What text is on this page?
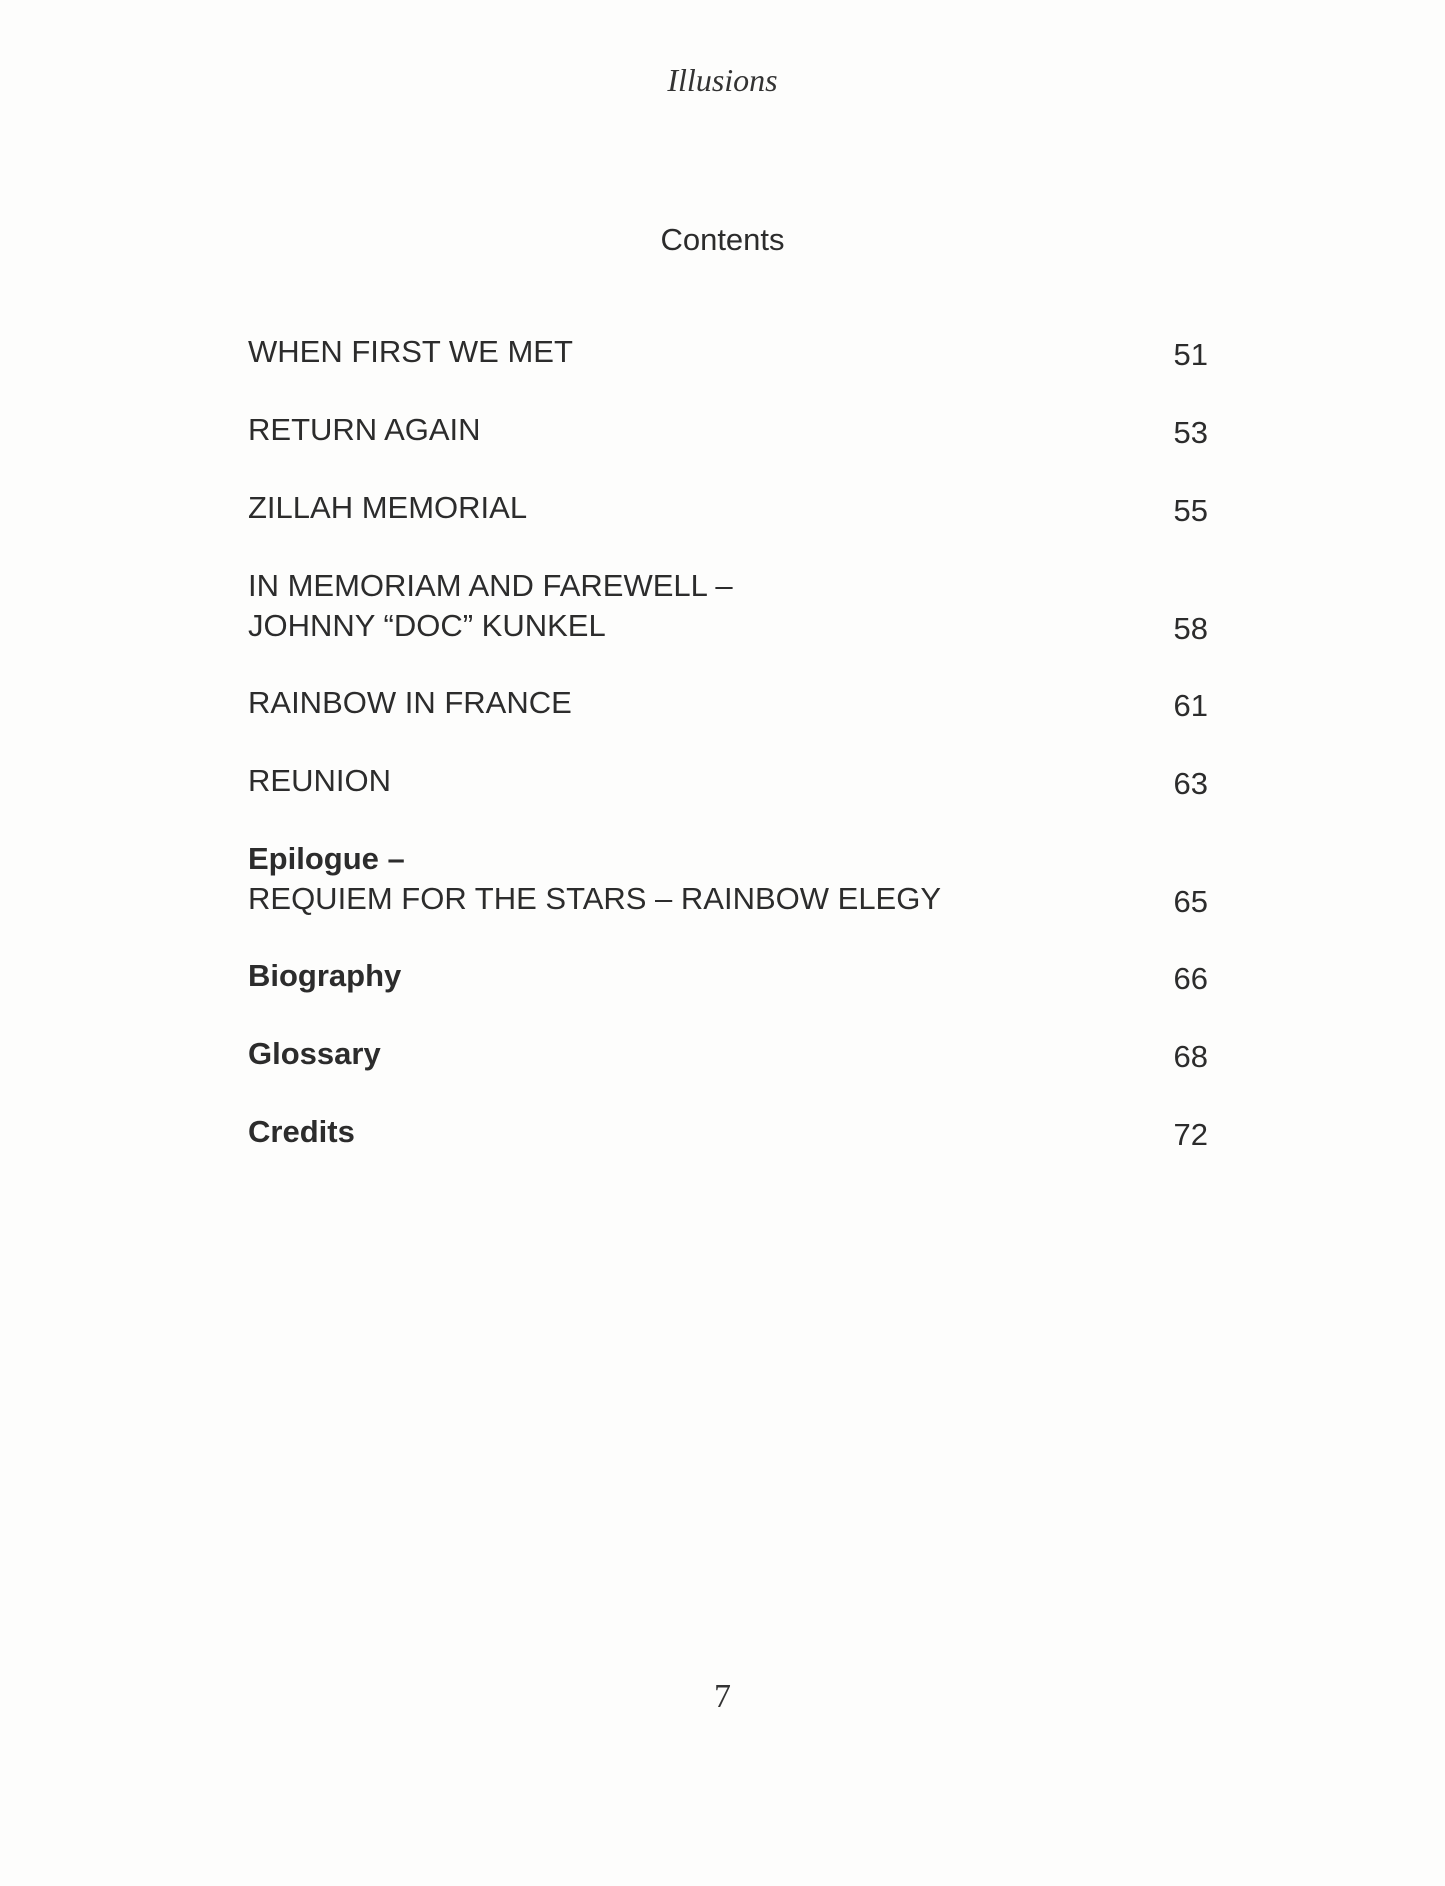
Illusions
Contents
WHEN FIRST WE MET	51
RETURN AGAIN	53
ZILLAH MEMORIAL	55
IN MEMORIAM AND FAREWELL –
JOHNNY “DOC” KUNKEL	58
RAINBOW IN FRANCE	61
REUNION	63
Epilogue –
REQUIEM FOR THE STARS – RAINBOW ELEGY	65
Biography	66
Glossary	68
Credits	72
7
